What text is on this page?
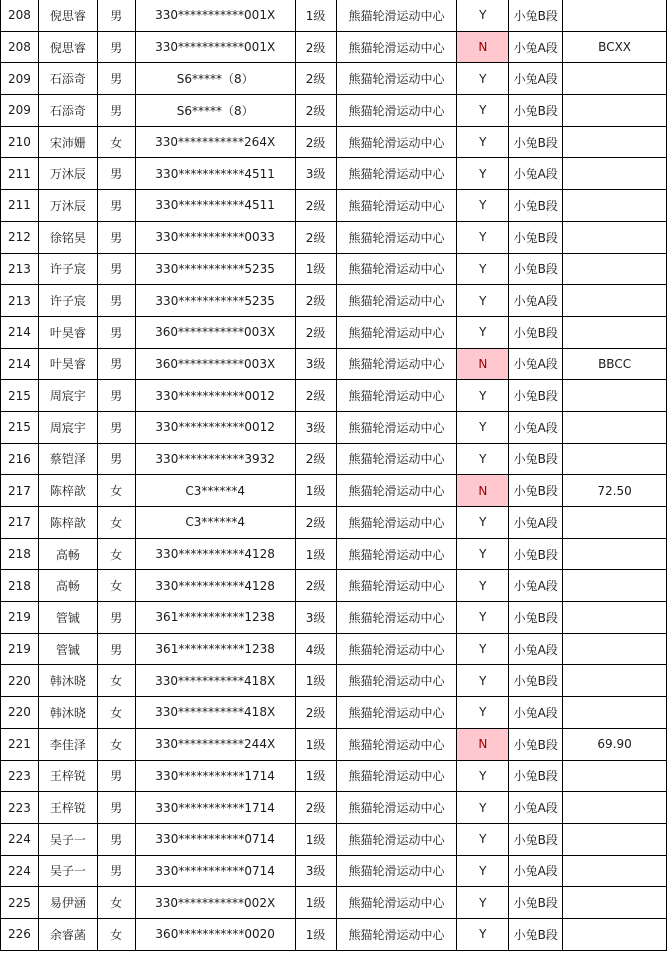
208	倪思睿	男	330***********001X	1级	熊猫轮滑运动中心	Y	小兔B段	
208	倪思睿	男	330***********001X	2级	熊猫轮滑运动中心	N	小兔A段	BCXX
209	石添奇	男	S6*****（8）	2级	熊猫轮滑运动中心	Y	小兔A段	
209	石添奇	男	S6*****（8）	2级	熊猫轮滑运动中心	Y	小兔B段	
210	宋沛姗	女	330***********264X	2级	熊猫轮滑运动中心	Y	小兔B段	
211	万沐辰	男	330***********4511	3级	熊猫轮滑运动中心	Y	小兔A段	
211	万沐辰	男	330***********4511	2级	熊猫轮滑运动中心	Y	小兔B段	
212	徐铭昊	男	330***********0033	2级	熊猫轮滑运动中心	Y	小兔B段	
213	许子宸	男	330***********5235	1级	熊猫轮滑运动中心	Y	小兔B段	
213	许子宸	男	330***********5235	2级	熊猫轮滑运动中心	Y	小兔A段	
214	叶昊睿	男	360***********003X	2级	熊猫轮滑运动中心	Y	小兔B段	
214	叶昊睿	男	360***********003X	3级	熊猫轮滑运动中心	N	小兔A段	BBCC
215	周宸宇	男	330***********0012	2级	熊猫轮滑运动中心	Y	小兔B段	
215	周宸宇	男	330***********0012	3级	熊猫轮滑运动中心	Y	小兔A段	
216	蔡铠泽	男	330***********3932	2级	熊猫轮滑运动中心	Y	小兔B段	
217	陈梓歆	女	C3******4	1级	熊猫轮滑运动中心	N	小兔B段	72.50
217	陈梓歆	女	C3******4	2级	熊猫轮滑运动中心	Y	小兔A段	
218	高畅	女	330***********4128	1级	熊猫轮滑运动中心	Y	小兔B段	
218	高畅	女	330***********4128	2级	熊猫轮滑运动中心	Y	小兔A段	
219	管铖	男	361***********1238	3级	熊猫轮滑运动中心	Y	小兔B段	
219	管铖	男	361***********1238	4级	熊猫轮滑运动中心	Y	小兔A段	
220	韩沐晓	女	330***********418X	1级	熊猫轮滑运动中心	Y	小兔B段	
220	韩沐晓	女	330***********418X	2级	熊猫轮滑运动中心	Y	小兔A段	
221	李佳泽	女	330***********244X	1级	熊猫轮滑运动中心	N	小兔B段	69.90
223	王梓锐	男	330***********1714	1级	熊猫轮滑运动中心	Y	小兔B段	
223	王梓锐	男	330***********1714	2级	熊猫轮滑运动中心	Y	小兔A段	
224	吴子一	男	330***********0714	1级	熊猫轮滑运动中心	Y	小兔B段	
224	吴子一	男	330***********0714	3级	熊猫轮滑运动中心	Y	小兔A段	
225	易伊涵	女	330***********002X	1级	熊猫轮滑运动中心	Y	小兔B段	
226	余睿菡	女	360***********0020	1级	熊猫轮滑运动中心	Y	小兔B段	
